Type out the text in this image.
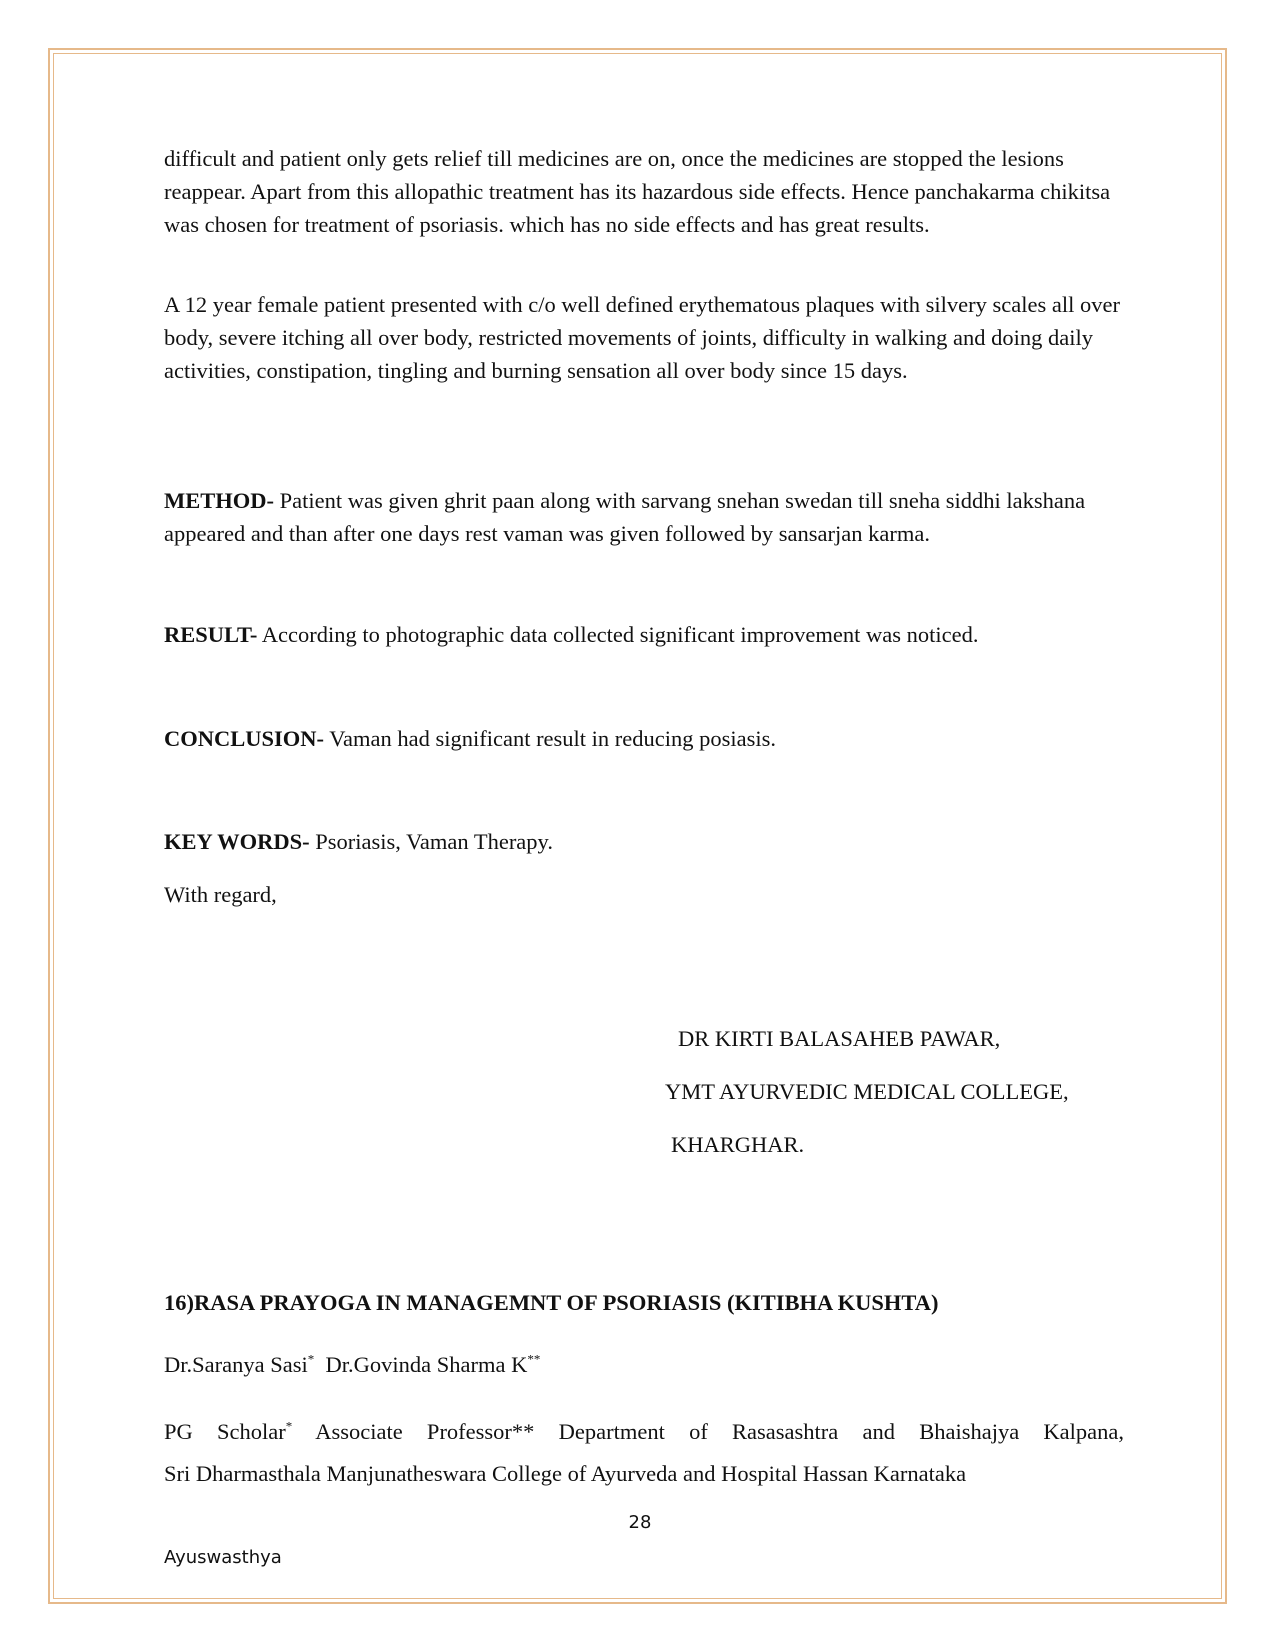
difficult and patient only gets relief till medicines are on, once the medicines are stopped the lesions reappear. Apart from this allopathic treatment has its hazardous side effects. Hence panchakarma chikitsa was chosen for treatment of psoriasis. which has no side effects and has great results.

A 12 year female patient presented with c/o well defined erythematous plaques with silvery scales all over body, severe itching all over body, restricted movements of joints, difficulty in walking and doing daily activities, constipation, tingling and burning sensation all over body since 15 days.

METHOD- Patient was given ghrit paan along with sarvang snehan swedan till sneha siddhi lakshana appeared and than after one days rest vaman was given followed by sansarjan karma.

RESULT- According to photographic data collected significant improvement was noticed.

CONCLUSION- Vaman had significant result in reducing posiasis.

KEY WORDS- Psoriasis, Vaman Therapy.

With regard,

DR KIRTI BALASAHEB PAWAR,
YMT AYURVEDIC MEDICAL COLLEGE,
KHARGHAR.

16)RASA PRAYOGA IN MANAGEMNT OF PSORIASIS (KITIBHA KUSHTA)

Dr.Saranya Sasi* Dr.Govinda Sharma K**

PG Scholar* Associate Professor** Department of Rasasashtra and Bhaishajya Kalpana,

Sri Dharmasthala Manjunatheswara College of Ayurveda and Hospital Hassan Karnataka

28
Ayuswasthya
